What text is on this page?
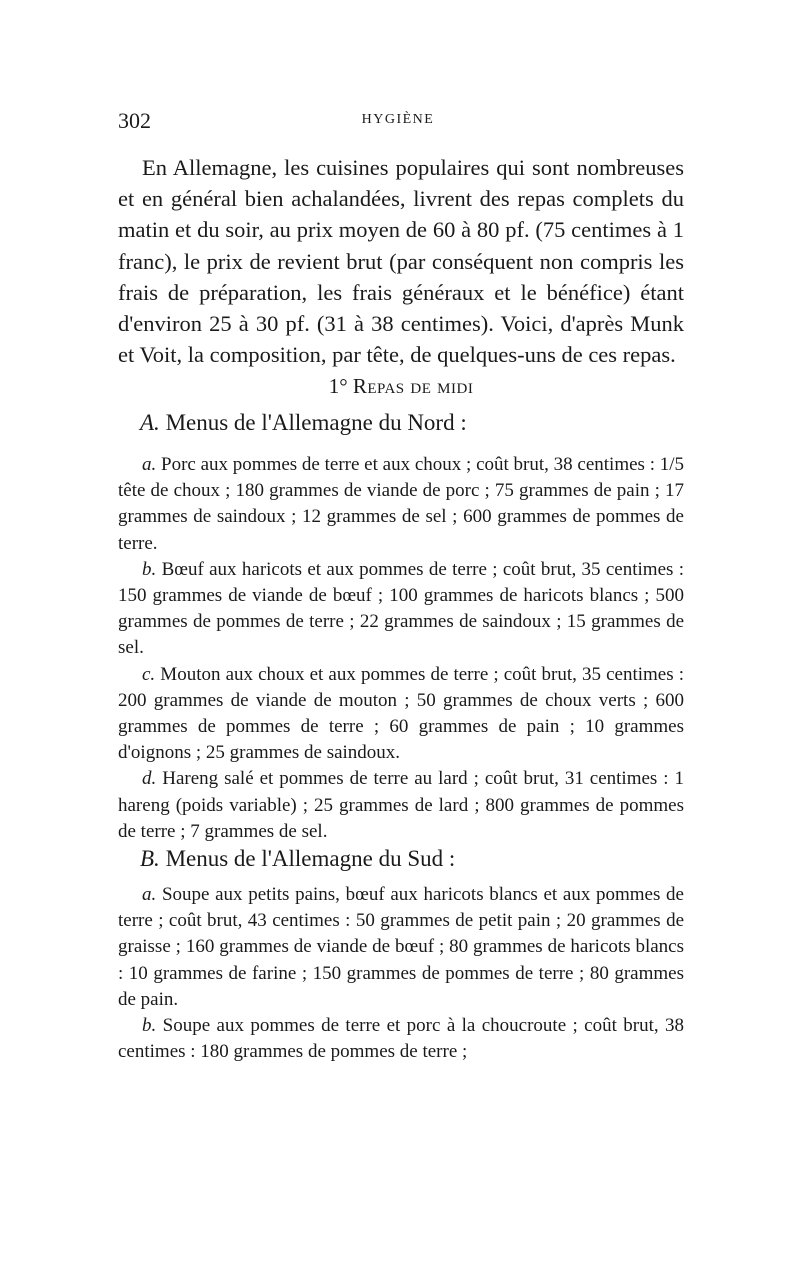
302	HYGIÈNE

En Allemagne, les cuisines populaires qui sont nombreuses et en général bien achalandées, livrent des repas complets du matin et du soir, au prix moyen de 60 à 80 pf. (75 centimes à 1 franc), le prix de revient brut (par conséquent non compris les frais de préparation, les frais généraux et le bénéfice) étant d'environ 25 à 30 pf. (31 à 38 centimes). Voici, d'après Munk et Voit, la composition, par tête, de quelques-uns de ces repas.

1° Repas de midi
A. Menus de l'Allemagne du Nord :

a. Porc aux pommes de terre et aux choux ; coût brut, 38 centimes : 1/5 tête de choux ; 180 grammes de viande de porc ; 75 grammes de pain ; 17 grammes de saindoux ; 12 grammes de sel ; 600 grammes de pommes de terre.

b. Bœuf aux haricots et aux pommes de terre ; coût brut, 35 centimes : 150 grammes de viande de bœuf ; 100 grammes de haricots blancs ; 500 grammes de pommes de terre ; 22 grammes de saindoux ; 15 grammes de sel.

c. Mouton aux choux et aux pommes de terre ; coût brut, 35 centimes : 200 grammes de viande de mouton ; 50 grammes de choux verts ; 600 grammes de pommes de terre ; 60 grammes de pain ; 10 grammes d'oignons ; 25 grammes de saindoux.

d. Hareng salé et pommes de terre au lard ; coût brut, 31 centimes : 1 hareng (poids variable) ; 25 grammes de lard ; 800 grammes de pommes de terre ; 7 grammes de sel.

B. Menus de l'Allemagne du Sud :

a. Soupe aux petits pains, bœuf aux haricots blancs et aux pommes de terre ; coût brut, 43 centimes : 50 grammes de petit pain ; 20 grammes de graisse ; 160 grammes de viande de bœuf ; 80 grammes de haricots blancs : 10 grammes de farine ; 150 grammes de pommes de terre ; 80 grammes de pain.

b. Soupe aux pommes de terre et porc à la choucroute ; coût brut, 38 centimes : 180 grammes de pommes de terre ;
